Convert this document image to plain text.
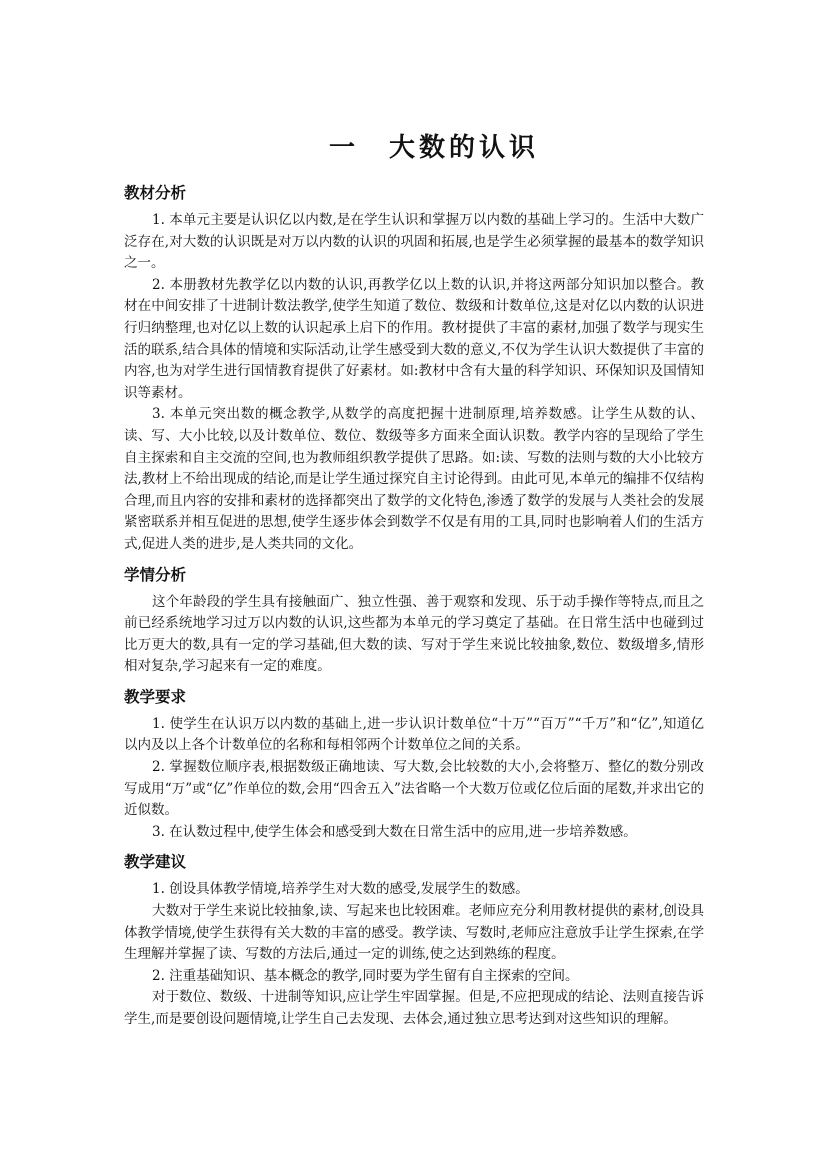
一 大数的认识
教材分析

1. 本单元主要是认识亿以内数,是在学生认识和掌握万以内数的基础上学习的。生活中大数广泛存在,对大数的认识既是对万以内数的认识的巩固和拓展,也是学生必须掌握的最基本的数学知识之一。

2. 本册教材先教学亿以内数的认识,再教学亿以上数的认识,并将这两部分知识加以整合。教材在中间安排了十进制计数法教学,使学生知道了数位、数级和计数单位,这是对亿以内数的认识进行归纳整理,也对亿以上数的认识起承上启下的作用。教材提供了丰富的素材,加强了数学与现实生活的联系,结合具体的情境和实际活动,让学生感受到大数的意义,不仅为学生认识大数提供了丰富的内容,也为对学生进行国情教育提供了好素材。如:教材中含有大量的科学知识、环保知识及国情知识等素材。

3. 本单元突出数的概念教学,从数学的高度把握十进制原理,培养数感。让学生从数的认、读、写、大小比较,以及计数单位、数位、数级等多方面来全面认识数。教学内容的呈现给了学生自主探索和自主交流的空间,也为教师组织教学提供了思路。如:读、写数的法则与数的大小比较方法,教材上不给出现成的结论,而是让学生通过探究自主讨论得到。由此可见,本单元的编排不仅结构合理,而且内容的安排和素材的选择都突出了数学的文化特色,渗透了数学的发展与人类社会的发展紧密联系并相互促进的思想,使学生逐步体会到数学不仅是有用的工具,同时也影响着人们的生活方式,促进人类的进步,是人类共同的文化。

学情分析

这个年龄段的学生具有接触面广、独立性强、善于观察和发现、乐于动手操作等特点,而且之前已经系统地学习过万以内数的认识,这些都为本单元的学习奠定了基础。在日常生活中也碰到过比万更大的数,具有一定的学习基础,但大数的读、写对于学生来说比较抽象,数位、数级增多,情形相对复杂,学习起来有一定的难度。

教学要求

1. 使学生在认识万以内数的基础上,进一步认识计数单位“十万”“百万”“千万”和“亿”,知道亿以内及以上各个计数单位的名称和每相邻两个计数单位之间的关系。

2. 掌握数位顺序表,根据数级正确地读、写大数,会比较数的大小,会将整万、整亿的数分别改写成用“万”或“亿”作单位的数,会用“四舍五入”法省略一个大数万位或亿位后面的尾数,并求出它的近似数。

3. 在认数过程中,使学生体会和感受到大数在日常生活中的应用,进一步培养数感。

教学建议

1. 创设具体教学情境,培养学生对大数的感受,发展学生的数感。

大数对于学生来说比较抽象,读、写起来也比较困难。老师应充分利用教材提供的素材,创设具体教学情境,使学生获得有关大数的丰富的感受。教学读、写数时,老师应注意放手让学生探索,在学生理解并掌握了读、写数的方法后,通过一定的训练,使之达到熟练的程度。

2. 注重基础知识、基本概念的教学,同时要为学生留有自主探索的空间。

对于数位、数级、十进制等知识,应让学生牢固掌握。但是,不应把现成的结论、法则直接告诉学生,而是要创设问题情境,让学生自己去发现、去体会,通过独立思考达到对这些知识的理解。
